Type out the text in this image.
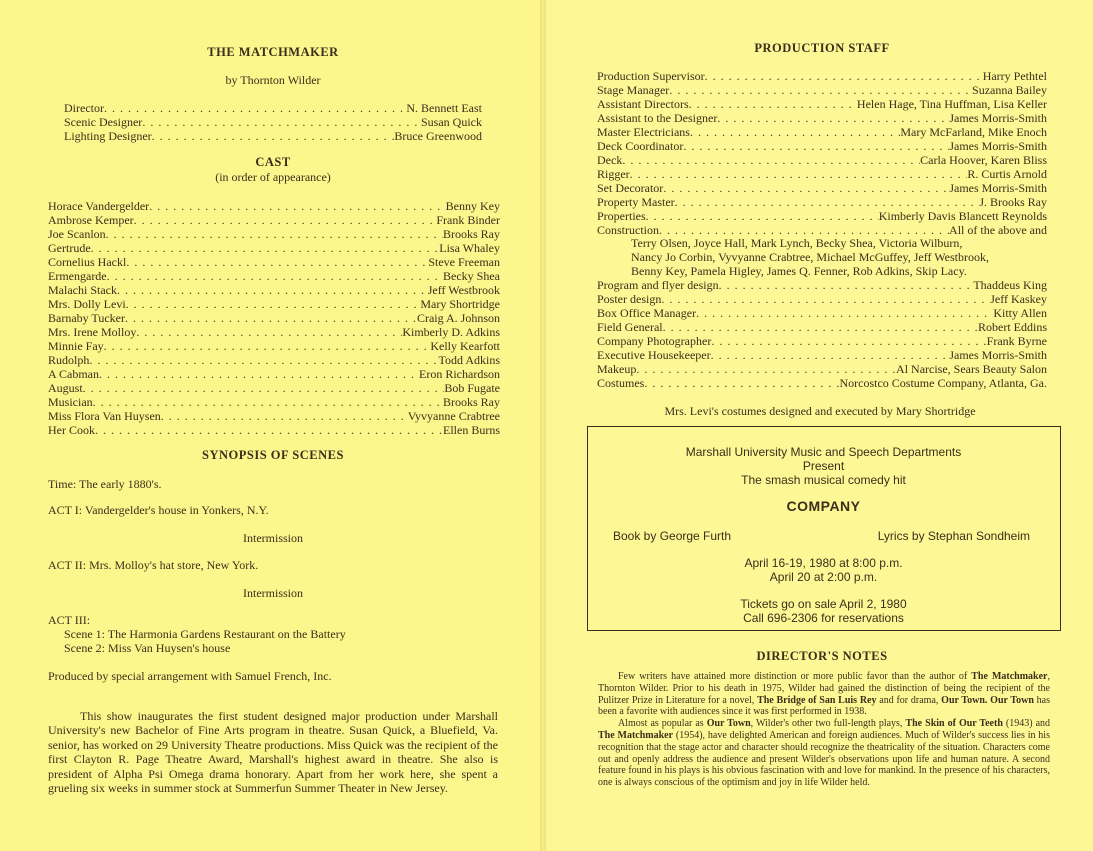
THE MATCHMAKER
by Thornton Wilder
Director . . .	N. Bennett East
Scenic Designer . . .	Susan Quick
Lighting Designer . . .	Bruce Greenwood
CAST
(in order of appearance)
Horace Vandergelder . . .	Benny Key
Ambrose Kemper . . .	Frank Binder
Joe Scanlon . . .	Brooks Ray
Gertrude . . .	Lisa Whaley
Cornelius Hackl . . .	Steve Freeman
Ermengarde . . .	Becky Shea
Malachi Stack . . .	Jeff Westbrook
Mrs. Dolly Levi . . .	Mary Shortridge
Barnaby Tucker . . .	Craig A. Johnson
Mrs. Irene Molloy . . .	Kimberly D. Adkins
Minnie Fay . . .	Kelly Kearfott
Rudolph . . .	Todd Adkins
A Cabman . . .	Eron Richardson
August . . .	Bob Fugate
Musician . . .	Brooks Ray
Miss Flora Van Huysen . . .	Vyvyanne Crabtree
Her Cook . . .	Ellen Burns
SYNOPSIS OF SCENES
Time: The early 1880's.
ACT I: Vandergelder's house in Yonkers, N.Y.
Intermission
ACT II: Mrs. Molloy's hat store, New York.
Intermission
ACT III:
Scene 1: The Harmonia Gardens Restaurant on the Battery
Scene 2: Miss Van Huysen's house
Produced by special arrangement with Samuel French, Inc.
This show inaugurates the first student designed major production under Marshall University's new Bachelor of Fine Arts program in theatre. Susan Quick, a Bluefield, Va. senior, has worked on 29 University Theatre productions. Miss Quick was the recipient of the first Clayton R. Page Theatre Award, Marshall's highest award in theatre. She also is president of Alpha Psi Omega drama honorary. Apart from her work here, she spent a grueling six weeks in summer stock at Summerfun Summer Theater in New Jersey.
PRODUCTION STAFF
Production Supervisor . . .	Harry Pethtel
Stage Manager . . .	Suzanna Bailey
Assistant Directors . . .	Helen Hage, Tina Huffman, Lisa Keller
Assistant to the Designer . . .	James Morris-Smith
Master Electricians . . .	Mary McFarland, Mike Enoch
Deck Coordinator . . .	James Morris-Smith
Deck . . .	Carla Hoover, Karen Bliss
Rigger . . .	R. Curtis Arnold
Set Decorator . . .	James Morris-Smith
Property Master . . .	J. Brooks Ray
Properties . . .	Kimberly Davis Blancett Reynolds
Construction . . .	All of the above and
Terry Olsen, Joyce Hall, Mark Lynch, Becky Shea, Victoria Wilburn,
Nancy Jo Corbin, Vyvyanne Crabtree, Michael McGuffey, Jeff Westbrook,
Benny Key, Pamela Higley, James Q. Fenner, Rob Adkins, Skip Lacy.
Program and flyer design . . .	Thaddeus King
Poster design . . .	Jeff Kaskey
Box Office Manager . . .	Kitty Allen
Field General . . .	Robert Eddins
Company Photographer . . .	Frank Byrne
Executive Housekeeper . . .	James Morris-Smith
Makeup . . .	Al Narcise, Sears Beauty Salon
Costumes . . .	Norcostco Costume Company, Atlanta, Ga.
Mrs. Levi's costumes designed and executed by Mary Shortridge
Marshall University Music and Speech Departments
Present
The smash musical comedy hit
COMPANY
Book by George Furth	Lyrics by Stephan Sondheim
April 16-19, 1980 at 8:00 p.m.
April 20 at 2:00 p.m.
Tickets go on sale April 2, 1980
Call 696-2306 for reservations
DIRECTOR'S NOTES
Few writers have attained more distinction or more public favor than the author of The Matchmaker, Thornton Wilder. Prior to his death in 1975, Wilder had gained the distinction of being the recipient of the Pulitzer Prize in Literature for a novel, The Bridge of San Luis Rey and for drama, Our Town. Our Town has been a favorite with audiences since it was first performed in 1938.
Almost as popular as Our Town, Wilder's other two full-length plays, The Skin of Our Teeth (1943) and The Matchmaker (1954), have delighted American and foreign audiences. Much of Wilder's success lies in his recognition that the stage actor and character should recognize the theatricality of the situation. Characters come out and openly address the audience and present Wilder's observations upon life and human nature. A second feature found in his plays is his obvious fascination with and love for mankind. In the presence of his characters, one is always conscious of the optimism and joy in life Wilder held.
